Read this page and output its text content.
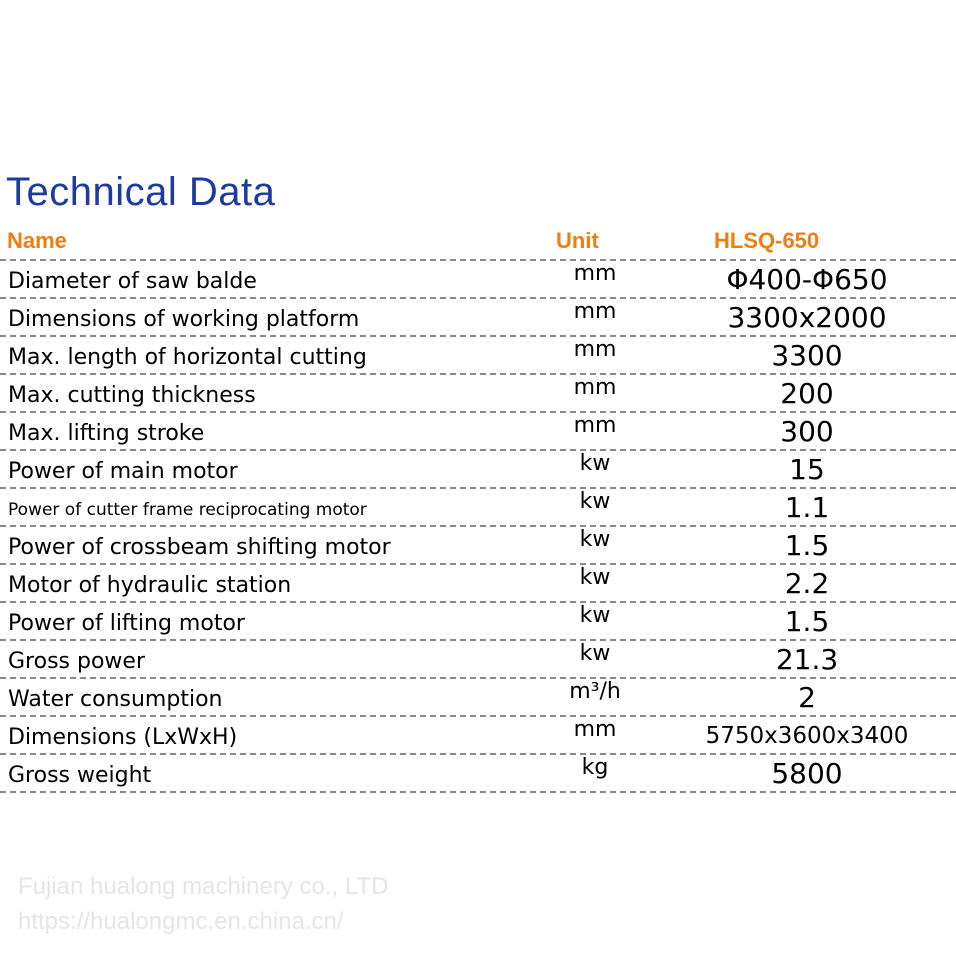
Technical Data
Name	Unit	HLSQ-650
Diameter of saw balde	mm	Φ400-Φ650
Dimensions of working platform	mm	3300x2000
Max. length of horizontal cutting	mm	3300
Max. cutting thickness	mm	200
Max. lifting stroke	mm	300
Power of main motor	kw	15
Power of cutter frame reciprocating motor	kw	1.1
Power of crossbeam shifting motor	kw	1.5
Motor of hydraulic station	kw	2.2
Power of lifting motor	kw	1.5
Gross power	kw	21.3
Water consumption	m³/h	2
Dimensions (LxWxH)	mm	5750x3600x3400
Gross weight	kg	5800
Fujian hualong machinery co., LTD
https://hualongmc.en.china.cn/
